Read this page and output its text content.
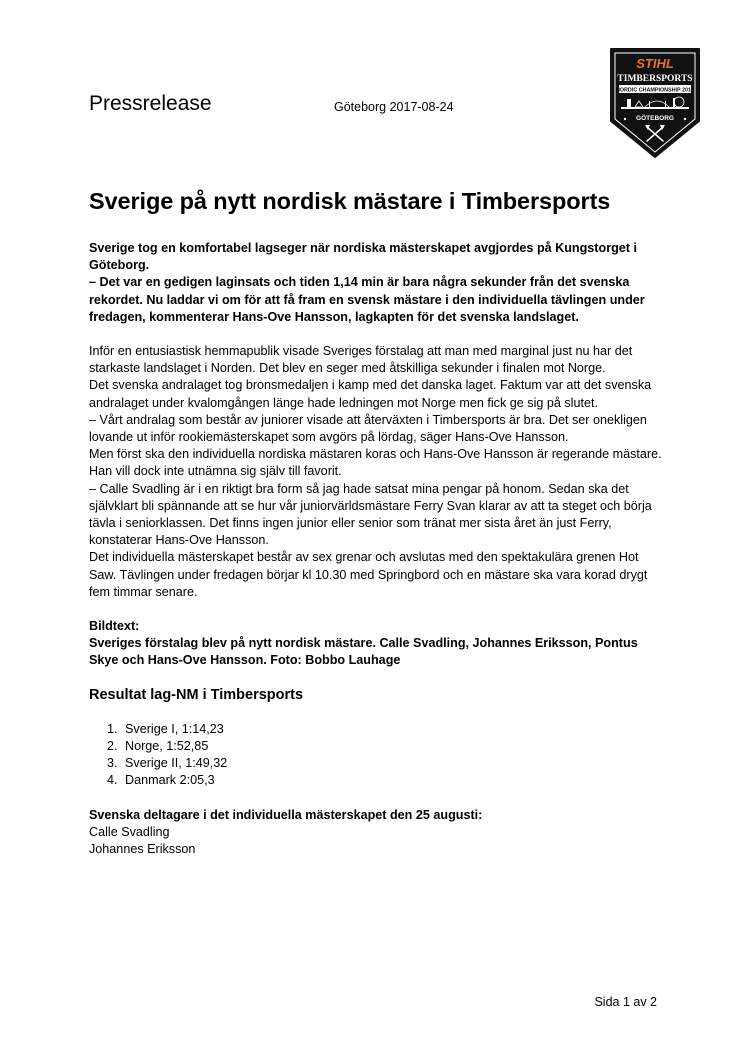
Pressrelease	Göteborg 2017-08-24
STIHL
TIMBERSPORTS
NORDIC CHAMPIONSHIP 2017
GÖTEBORG
Sverige på nytt nordisk mästare i Timbersports

Sverige tog en komfortabel lagseger när nordiska mästerskapet avgjordes på Kungstorget i Göteborg.

– Det var en gedigen laginsats och tiden 1,14 min är bara några sekunder från det svenska rekordet. Nu laddar vi om för att få fram en svensk mästare i den individuella tävlingen under fredagen, kommenterar Hans-Ove Hansson, lagkapten för det svenska landslaget.

Inför en entusiastisk hemmapublik visade Sveriges förstalag att man med marginal just nu har det starkaste landslaget i Norden. Det blev en seger med åtskilliga sekunder i finalen mot Norge.

Det svenska andralaget tog bronsmedaljen i kamp med det danska laget. Faktum var att det svenska andralaget under kvalomgången länge hade ledningen mot Norge men fick ge sig på slutet.

– Vårt andralag som består av juniorer visade att återväxten i Timbersports är bra. Det ser onekligen lovande ut inför rookiemästerskapet som avgörs på lördag, säger Hans-Ove Hansson.

Men först ska den individuella nordiska mästaren koras och Hans-Ove Hansson är regerande mästare. Han vill dock inte utnämna sig själv till favorit.

– Calle Svadling är i en riktigt bra form så jag hade satsat mina pengar på honom. Sedan ska det självklart bli spännande att se hur vår juniorvärldsmästare Ferry Svan klarar av att ta steget och börja tävla i seniorklassen. Det finns ingen junior eller senior som tränat mer sista året än just Ferry, konstaterar Hans-Ove Hansson.

Det individuella mästerskapet består av sex grenar och avslutas med den spektakulära grenen Hot Saw. Tävlingen under fredagen börjar kl 10.30 med Springbord och en mästare ska vara korad drygt fem timmar senare.

Bildtext:

Sveriges förstalag blev på nytt nordisk mästare. Calle Svadling, Johannes Eriksson, Pontus Skye och Hans-Ove Hansson. Foto: Bobbo Lauhage

Resultat lag-NM i Timbersports
1. Sverige I, 1:14,23
2. Norge, 1:52,85
3. Sverige II, 1:49,32
4. Danmark 2:05,3

Svenska deltagare i det individuella mästerskapet den 25 augusti:

Calle Svadling

Johannes Eriksson

Sida 1 av 2
